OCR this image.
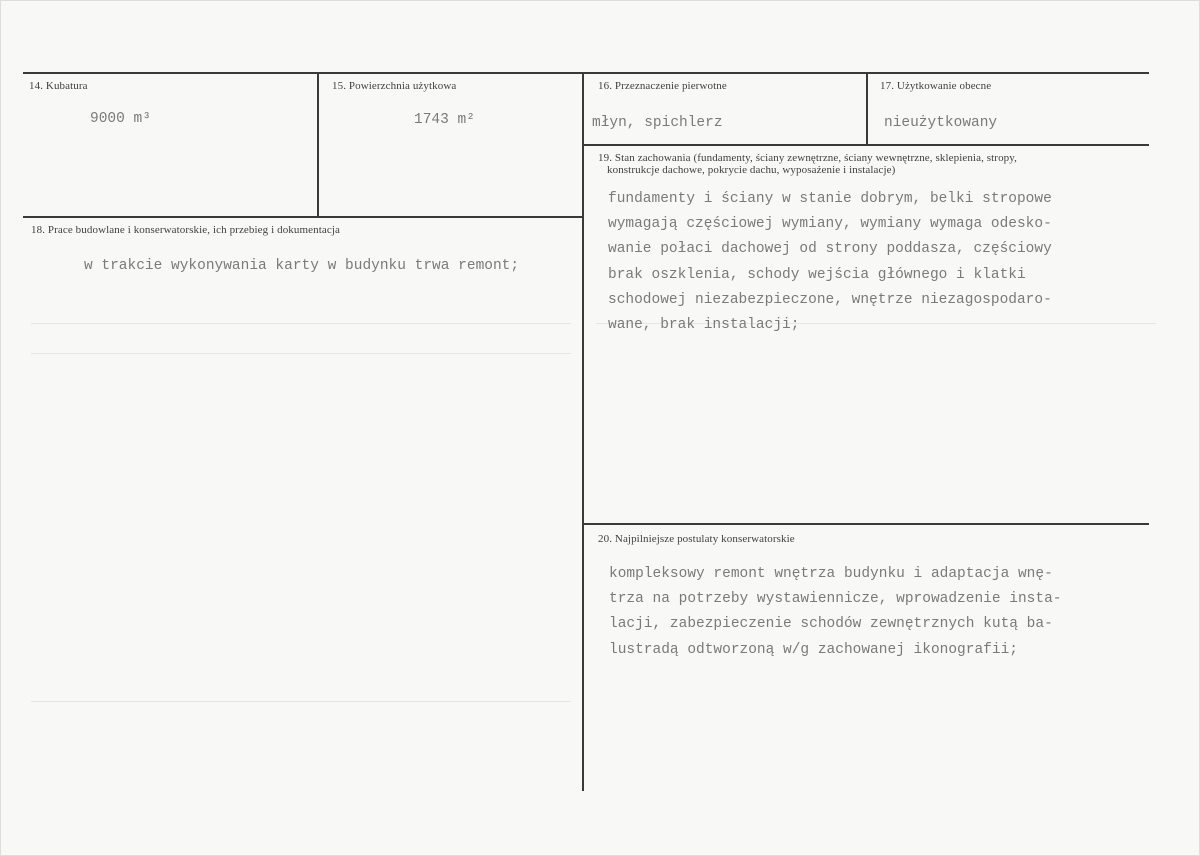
14. Kubatura
9000 m³
15. Powierzchnia użytkowa
1743 m²
16. Przeznaczenie pierwotne
młyn, spichlerz
17. Użytkowanie obecne
nieużytkowany
19. Stan zachowania (fundamenty, ściany zewnętrzne, ściany wewnętrzne, sklepienia, stropy,
konstrukcje dachowe, pokrycie dachu, wyposażenie i instalacje)
fundamenty i ściany w stanie dobrym, belki stropowe
wymagają częściowej wymiany, wymiany wymaga odesko-
wanie połaci dachowej od strony poddasza, częściowy
brak oszklenia, schody wejścia głównego i klatki
schodowej niezabezpieczone, wnętrze niezagospodaro-
wane, brak instalacji;
18. Prace budowlane i konserwatorskie, ich przebieg i dokumentacja
w trakcie wykonywania karty w budynku trwa remont;
20. Najpilniejsze postulaty konserwatorskie
kompleksowy remont wnętrza budynku i adaptacja wnę-
trza na potrzeby wystawiennicze, wprowadzenie insta-
lacji, zabezpieczenie schodów zewnętrznych kutą ba-
lustradą odtworzoną w/g zachowanej ikonografii;
